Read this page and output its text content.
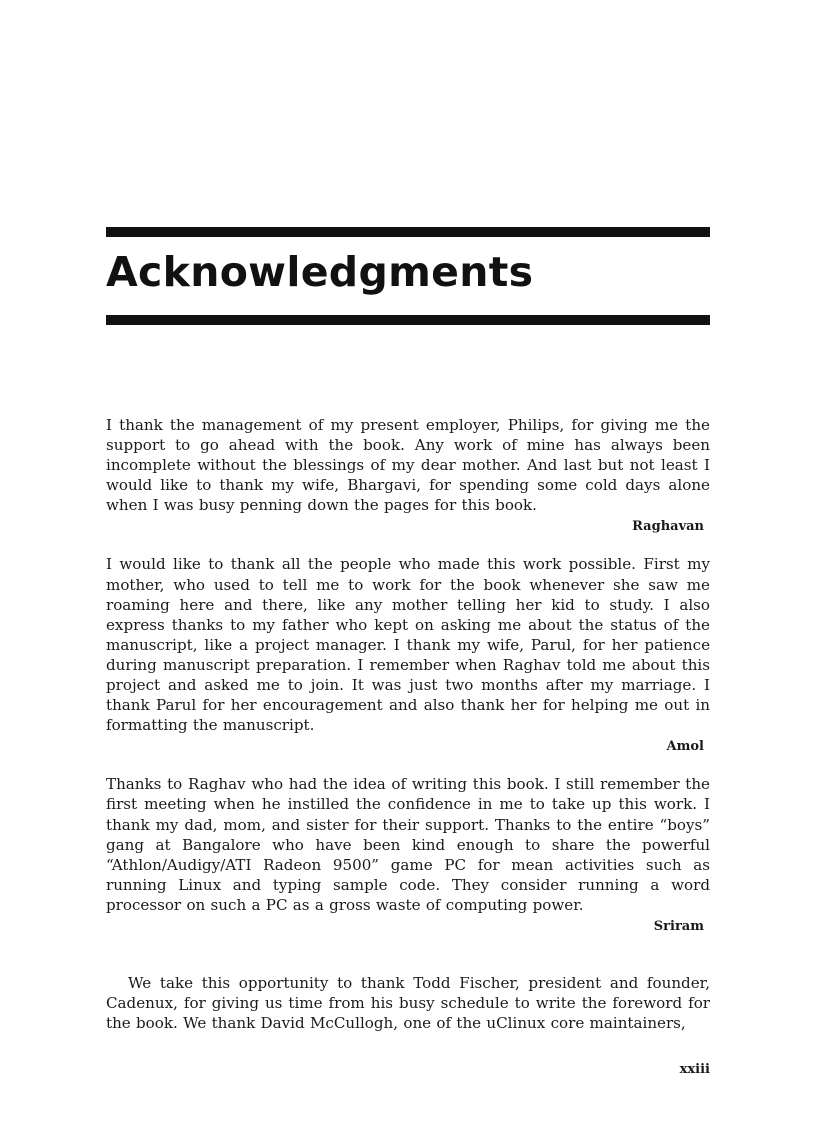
Acknowledgments

I thank the management of my present employer, Philips, for giving me the support to go ahead with the book. Any work of mine has always been incomplete without the blessings of my dear mother. And last but not least I would like to thank my wife, Bhargavi, for spending some cold days alone when I was busy penning down the pages for this book.

Raghavan

I would like to thank all the people who made this work possible. First my mother, who used to tell me to work for the book whenever she saw me roaming here and there, like any mother telling her kid to study. I also express thanks to my father who kept on asking me about the status of the manuscript, like a project manager. I thank my wife, Parul, for her patience during manuscript preparation. I remember when Raghav told me about this project and asked me to join. It was just two months after my marriage. I thank Parul for her encouragement and also thank her for helping me out in formatting the manuscript.

Amol

Thanks to Raghav who had the idea of writing this book. I still remember the first meeting when he instilled the confidence in me to take up this work. I thank my dad, mom, and sister for their support. Thanks to the entire “boys” gang at Bangalore who have been kind enough to share the powerful “Athlon/Audigy/ATI Radeon 9500” game PC for mean activities such as running Linux and typing sample code. They consider running a word processor on such a PC as a gross waste of computing power.

Sriram

We take this opportunity to thank Todd Fischer, president and founder, Cadenux, for giving us time from his busy schedule to write the foreword for the book. We thank David McCullogh, one of the uClinux core maintainers,

xxiii
